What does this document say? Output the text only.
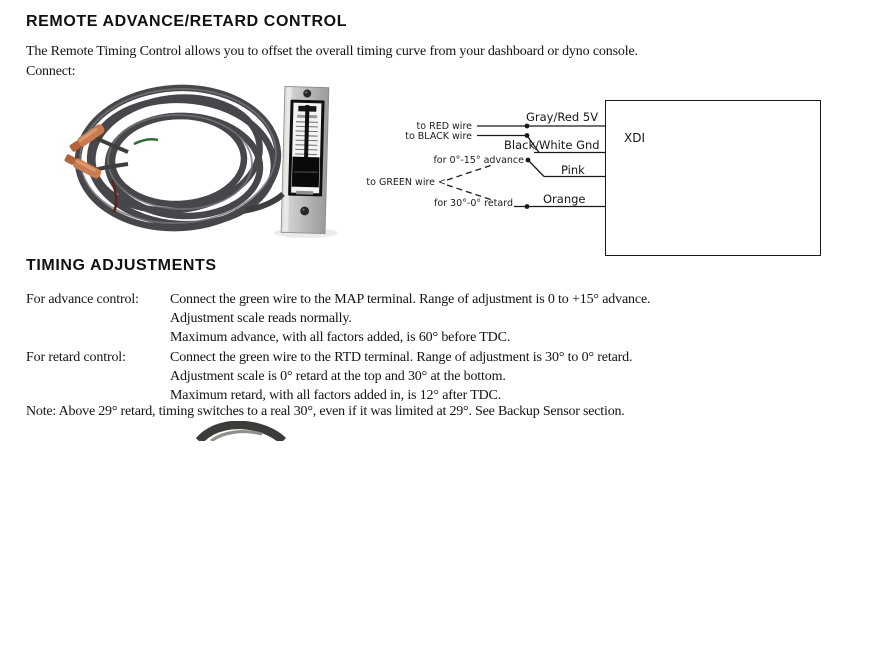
REMOTE ADVANCE/RETARD CONTROL
The Remote Timing Control allows you to offset the overall timing curve from your dashboard or dyno console.
Connect:
to RED wire
to BLACK wire
for 0°-15° advance
to GREEN wire <
for 30°-0° retard
Gray/Red 5V
Black/White Gnd
Pink
Orange
XDI
TIMING ADJUSTMENTS
For advance control: Connect the green wire to the MAP terminal. Range of adjustment is 0 to +15° advance.
Adjustment scale reads normally.
Maximum advance, with all factors added, is 60° before TDC.
For retard control:	Connect the green wire to the RTD terminal. Range of adjustment is 30° to 0° retard.
Adjustment scale is 0° retard at the top and 30° at the bottom.
Maximum retard, with all factors added in, is 12° after TDC.
Note: Above 29° retard, timing switches to a real 30°, even if it was limited at 29°. See Backup Sensor section.
